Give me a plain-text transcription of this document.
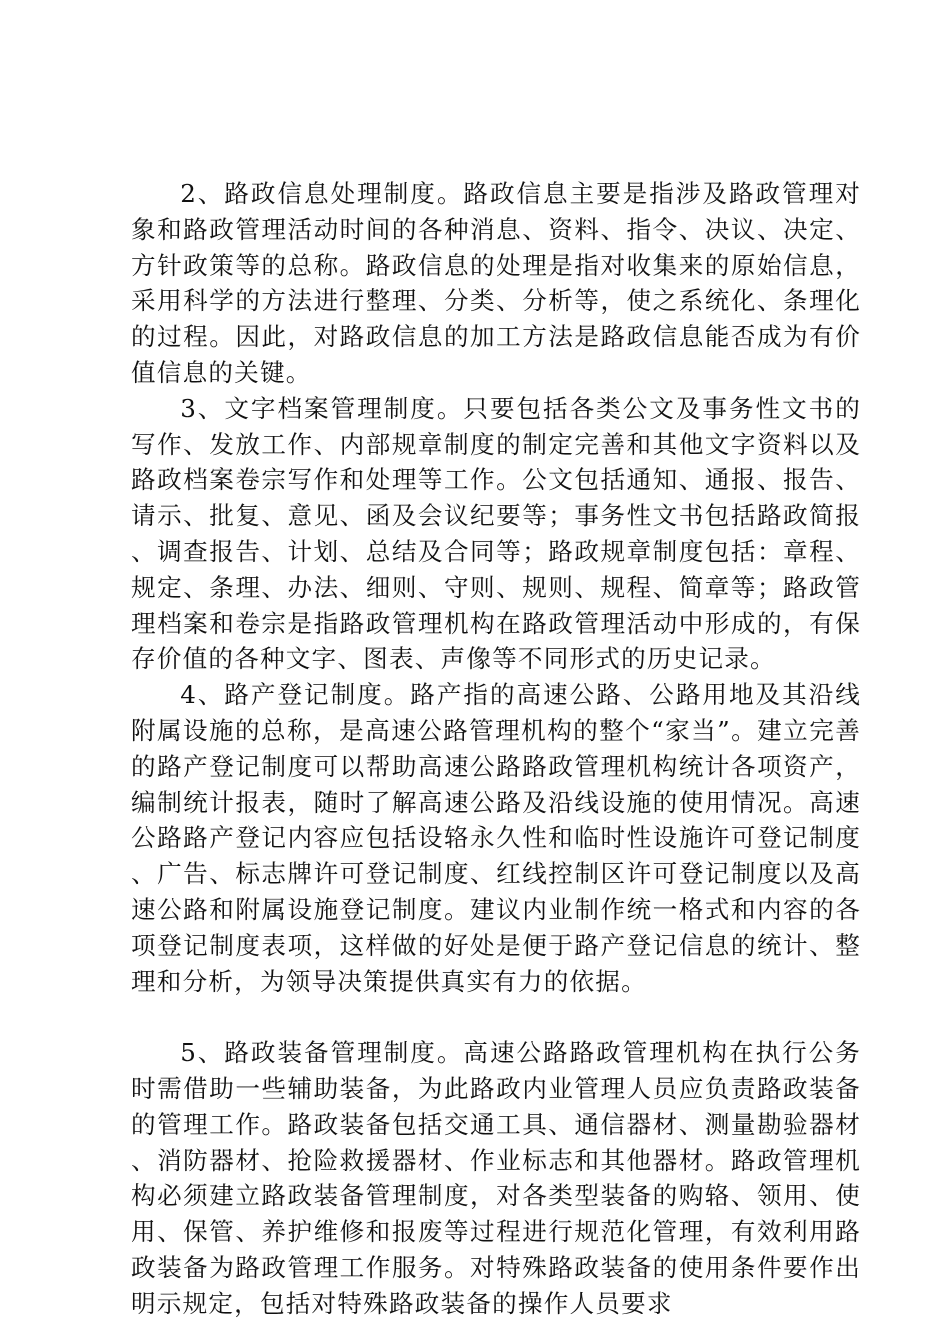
2、路政信息处理制度。路政信息主要是指涉及路政管理对象和路政管理活动时间的各种消息、资料、指令、决议、决定、方针政策等的总称。路政信息的处理是指对收集来的原始信息，采用科学的方法进行整理、分类、分析等，使之系统化、条理化的过程。因此，对路政信息的加工方法是路政信息能否成为有价值信息的关键。

3、文字档案管理制度。只要包括各类公文及事务性文书的写作、发放工作、内部规章制度的制定完善和其他文字资料以及路政档案卷宗写作和处理等工作。公文包括通知、通报、报告、请示、批复、意见、函及会议纪要等；事务性文书包括路政简报、调查报告、计划、总结及合同等；路政规章制度包括：章程、规定、条理、办法、细则、守则、规则、规程、简章等；路政管理档案和卷宗是指路政管理机构在路政管理活动中形成的，有保存价值的各种文字、图表、声像等不同形式的历史记录。

4、路产登记制度。路产指的高速公路、公路用地及其沿线附属设施的总称，是高速公路管理机构的整个“家当”。建立完善的路产登记制度可以帮助高速公路路政管理机构统计各项资产，编制统计报表，随时了解高速公路及沿线设施的使用情况。高速公路路产登记内容应包括设辂永久性和临时性设施许可登记制度、广告、标志牌许可登记制度、红线控制区许可登记制度以及高速公路和附属设施登记制度。建议内业制作统一格式和内容的各项登记制度表项，这样做的好处是便于路产登记信息的统计、整理和分析，为领导决策提供真实有力的依据。

5、路政装备管理制度。高速公路路政管理机构在执行公务时需借助一些辅助装备，为此路政内业管理人员应负责路政装备的管理工作。路政装备包括交通工具、通信器材、测量勘验器材、消防器材、抢险救援器材、作业标志和其他器材。路政管理机构必须建立路政装备管理制度，对各类型装备的购辂、领用、使用、保管、养护维修和报废等过程进行规范化管理，有效利用路政装备为路政管理工作服务。对特殊路政装备的使用条件要作出明示规定，包括对特殊路政装备的操作人员要求
